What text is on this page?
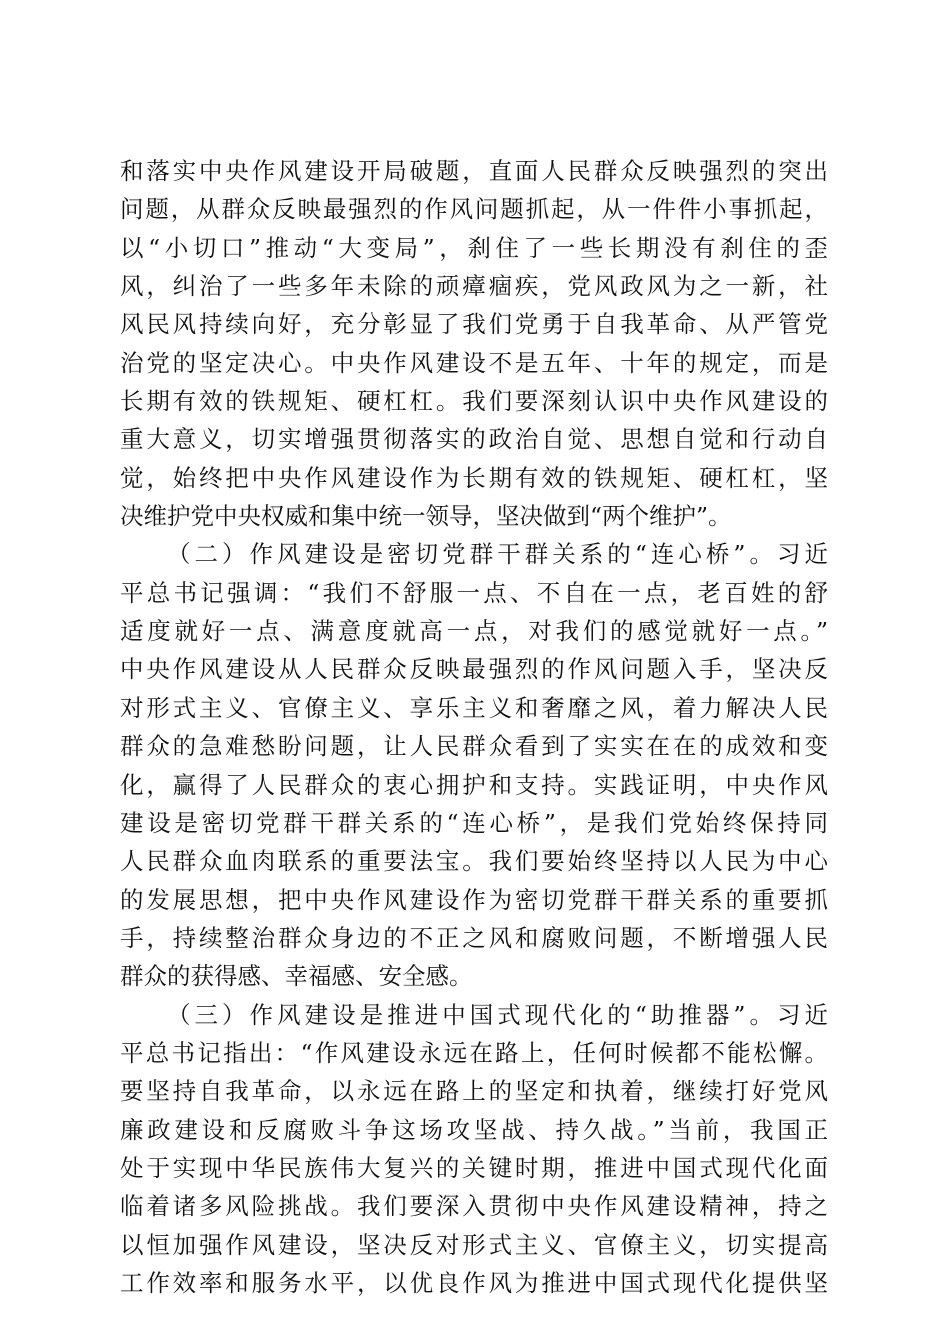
和落实中央作风建设开局破题，直面人民群众反映强烈的突出
问题，从群众反映最强烈的作风问题抓起，从一件件小事抓起，
以“小切口”推动“大变局”，刹住了一些长期没有刹住的歪
风，纠治了一些多年未除的顽瘴痼疾，党风政风为之一新，社
风民风持续向好，充分彰显了我们党勇于自我革命、从严管党
治党的坚定决心。中央作风建设不是五年、十年的规定，而是
长期有效的铁规矩、硬杠杠。我们要深刻认识中央作风建设的
重大意义，切实增强贯彻落实的政治自觉、思想自觉和行动自
觉，始终把中央作风建设作为长期有效的铁规矩、硬杠杠，坚
决维护党中央权威和集中统一领导，坚决做到“两个维护”。
（二）作风建设是密切党群干群关系的“连心桥”。习近
平总书记强调：“我们不舒服一点、不自在一点，老百姓的舒
适度就好一点、满意度就高一点，对我们的感觉就好一点。”
中央作风建设从人民群众反映最强烈的作风问题入手，坚决反
对形式主义、官僚主义、享乐主义和奢靡之风，着力解决人民
群众的急难愁盼问题，让人民群众看到了实实在在的成效和变
化，赢得了人民群众的衷心拥护和支持。实践证明，中央作风
建设是密切党群干群关系的“连心桥”，是我们党始终保持同
人民群众血肉联系的重要法宝。我们要始终坚持以人民为中心
的发展思想，把中央作风建设作为密切党群干群关系的重要抓
手，持续整治群众身边的不正之风和腐败问题，不断增强人民
群众的获得感、幸福感、安全感。
（三）作风建设是推进中国式现代化的“助推器”。习近
平总书记指出：“作风建设永远在路上，任何时候都不能松懈。
要坚持自我革命，以永远在路上的坚定和执着，继续打好党风
廉政建设和反腐败斗争这场攻坚战、持久战。”当前，我国正
处于实现中华民族伟大复兴的关键时期，推进中国式现代化面
临着诸多风险挑战。我们要深入贯彻中央作风建设精神，持之
以恒加强作风建设，坚决反对形式主义、官僚主义，切实提高
工作效率和服务水平，以优良作风为推进中国式现代化提供坚
